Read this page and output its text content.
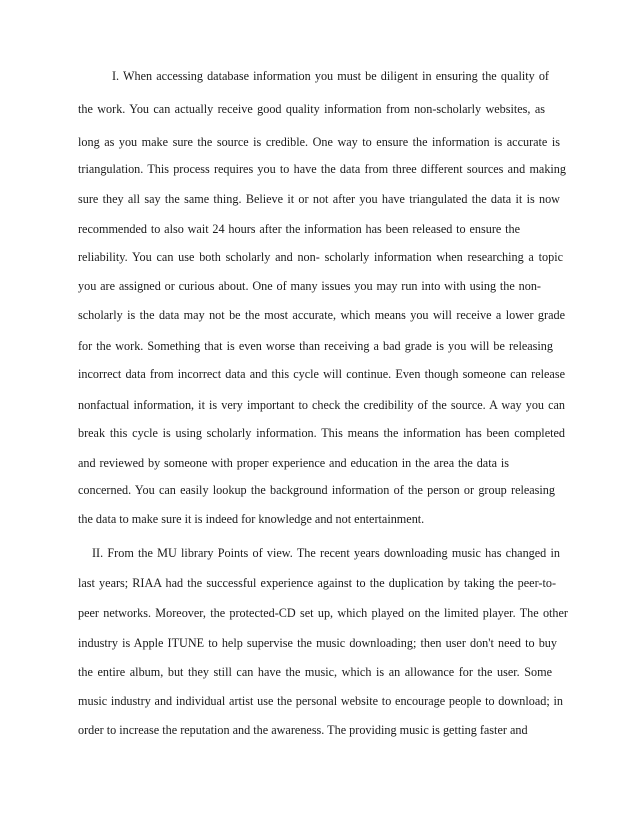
I. When accessing database information you must be diligent in ensuring the quality of

the work. You can actually receive good quality information from non-scholarly websites, as

long as you make sure the source is credible. One way to ensure the information is accurate is

triangulation. This process requires you to have the data from three different sources and making

sure they all say the same thing. Believe it or not after you have triangulated the data it is now

recommended to also wait 24 hours after the information has been released to ensure the

reliability. You can use both scholarly and non- scholarly information when researching a topic

you are assigned or curious about. One of many issues you may run into with using the non-

scholarly is the data may not be the most accurate, which means you will receive a lower grade

for the work. Something that is even worse than receiving a bad grade is you will be releasing

incorrect data from incorrect data and this cycle will continue. Even though someone can release

nonfactual information, it is very important to check the credibility of the source. A way you can

break this cycle is using scholarly information. This means the information has been completed

and reviewed by someone with proper experience and education in the area the data is

concerned. You can easily lookup the background information of the person or group releasing

the data to make sure it is indeed for knowledge and not entertainment.

II. From the MU library Points of view. The recent years downloading music has changed in

last years; RIAA had the successful experience against to the duplication by taking the peer-to-

peer networks. Moreover, the protected-CD set up, which played on the limited player. The other

industry is Apple ITUNE to help supervise the music downloading; then user don't need to buy

the entire album, but they still can have the music, which is an allowance for the user. Some

music industry and individual artist use the personal website to encourage people to download; in

order to increase the reputation and the awareness. The providing music is getting faster and
